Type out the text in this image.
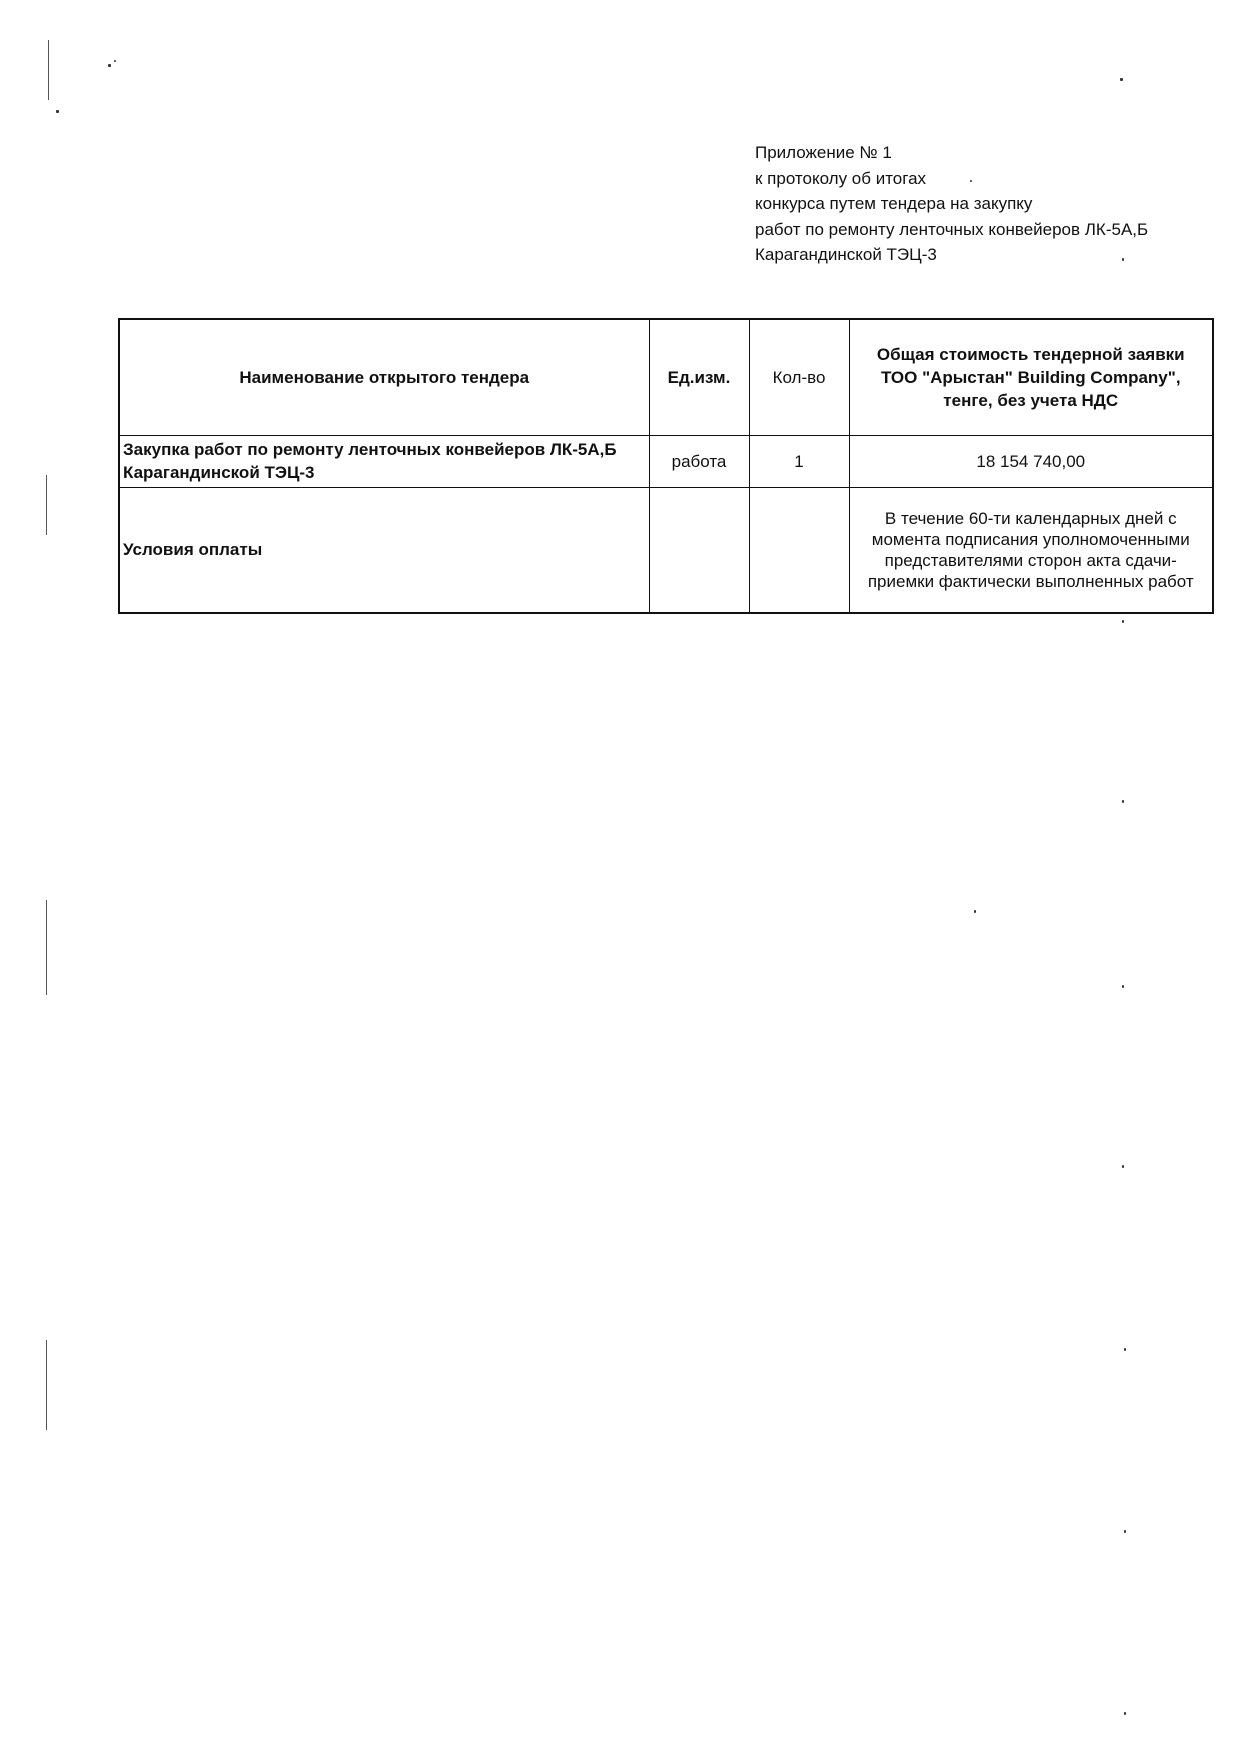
Приложение № 1
к протоколу об итогах
конкурса путем тендера на закупку
работ по ремонту ленточных конвейеров ЛК-5А,Б
Карагандинской ТЭЦ-3
Наименование открытого тендера	Ед.изм.	Кол-во	Общая стоимость тендерной заявки ТОО "Арыстан" Building Company", тенге, без учета НДС
Закупка работ по ремонту ленточных конвейеров ЛК-5А,Б Карагандинской ТЭЦ-3	работа	1	18 154 740,00
Условия оплаты			В течение 60-ти календарных дней с момента подписания уполномоченными представителями сторон акта сдачи-приемки фактически выполненных работ
